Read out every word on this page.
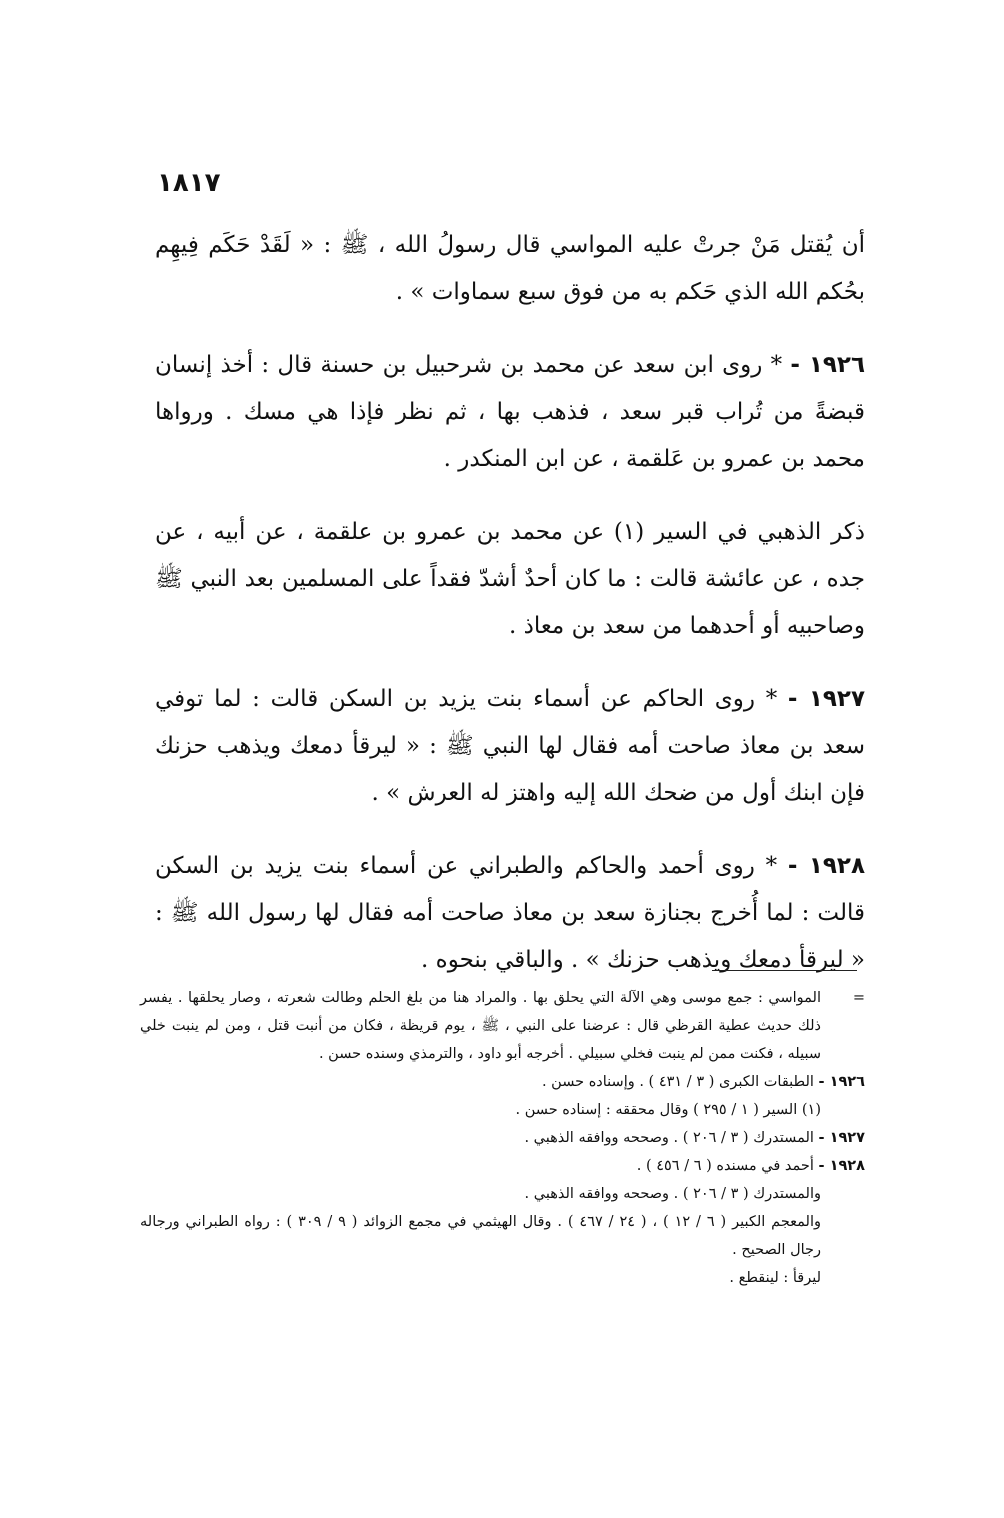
١٨١٧

أن يُقتل مَنْ جرتْ عليه المواسي قال رسولُ الله ، ﷺ : « لَقَدْ حَكَم فِيهِم بحُكم الله الذي حَكم به من فوق سبع سماوات » .

١٩٢٦ - * روى ابن سعد عن محمد بن شرحبيل بن حسنة قال : أخذ إنسان قبضةً من تُراب قبر سعد ، فذهب بها ، ثم نظر فإذا هي مسك . ورواها محمد بن عمرو بن عَلقمة ، عن ابن المنكدر .

ذكر الذهبي في السير (١) عن محمد بن عمرو بن علقمة ، عن أبيه ، عن جده ، عن عائشة قالت : ما كان أحدٌ أشدّ فقداً على المسلمين بعد النبي ﷺ وصاحبيه أو أحدهما من سعد بن معاذ .

١٩٢٧ - * روى الحاكم عن أسماء بنت يزيد بن السكن قالت : لما توفي سعد بن معاذ صاحت أمه فقال لها النبي ﷺ : « ليرقأ دمعك ويذهب حزنك فإن ابنك أول من ضحك الله إليه واهتز له العرش » .

١٩٢٨ - * روى أحمد والحاكم والطبراني عن أسماء بنت يزيد بن السكن قالت : لما أُخرج بجنازة سعد بن معاذ صاحت أمه فقال لها رسول الله ﷺ : « ليرقأ دمعك ويذهب حزنك » . والباقي بنحوه .

=
المواسي : جمع موسى وهي الآلة التي يحلق بها . والمراد هنا من بلغ الحلم وطالت شعرته ، وصار يحلقها . يفسر ذلك حديث عطية القرظي قال : عرضنا على النبي ، ﷺ ، يوم قريظة ، فكان من أنبت قتل ، ومن لم ينبت خلي سبيله ، فكنت ممن لم ينبت فخلي سبيلي . أخرجه أبو داود ، والترمذي وسنده حسن .
١٩٢٦ - الطبقات الكبرى ( ٣ / ٤٣١ ) . وإسناده حسن .
(١) السير ( ١ / ٢٩٥ ) وقال محققه : إسناده حسن .
١٩٢٧ - المستدرك ( ٣ / ٢٠٦ ) . وصححه ووافقه الذهبي .
١٩٢٨ - أحمد في مسنده ( ٦ / ٤٥٦ ) .
والمستدرك ( ٣ / ٢٠٦ ) . وصححه ووافقه الذهبي .
والمعجم الكبير ( ٦ / ١٢ ) ، ( ٢٤ / ٤٦٧ ) . وقال الهيثمي في مجمع الزوائد ( ٩ / ٣٠٩ ) : رواه الطبراني ورجاله رجال الصحيح .
ليرقأ : لينقطع .
